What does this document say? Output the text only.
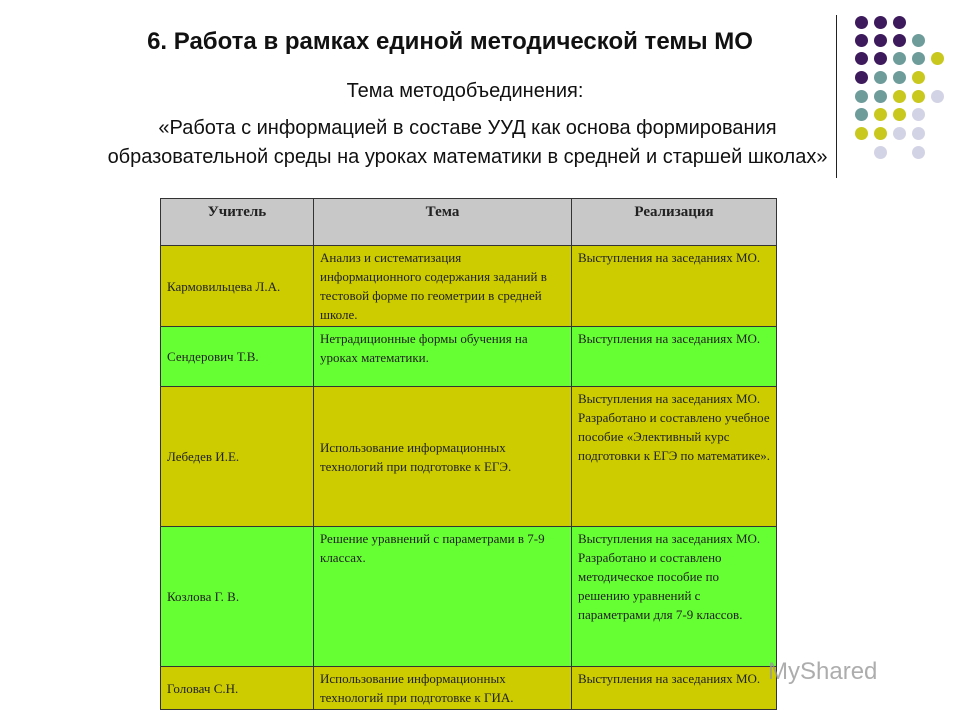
6. Работа в рамках единой методической темы МО
Тема методобъединения:
«Работа с информацией в составе УУД как основа формирования образовательной среды на уроках математики в средней и старшей школах»
Учитель	Тема	Реализация
Кармовильцева Л.А.	Анализ и систематизация информационного содержания заданий в тестовой форме по геометрии в средней школе.	Выступления на заседаниях МО.
Сендерович Т.В.	Нетрадиционные формы обучения на уроках математики.	Выступления на заседаниях МО.
Лебедев И.Е.	Использование информационных технологий при подготовке к ЕГЭ.	Выступления на заседаниях МО. Разработано и составлено учебное пособие «Элективный курс подготовки к ЕГЭ по математике».
Козлова Г. В.	Решение уравнений с параметрами в 7-9 классах.	Выступления на заседаниях МО. Разработано и составлено методическое пособие по решению уравнений с параметрами для 7-9 классов.
Головач С.Н.	Использование информационных технологий при подготовке к ГИА.	Выступления на заседаниях МО. MyShared
